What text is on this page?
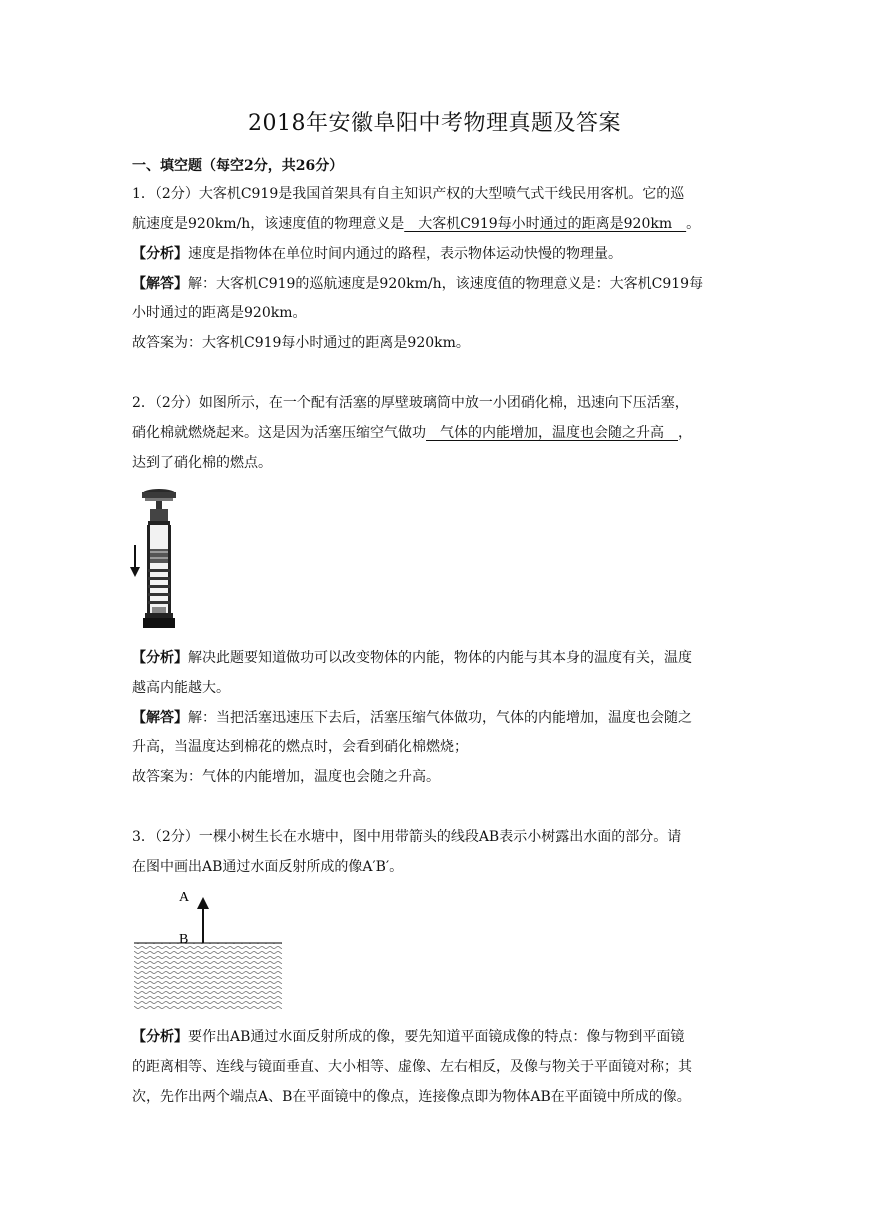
2018年安徽阜阳中考物理真题及答案
一、填空题（每空2分，共26分）
1．（2分）大客机C919是我国首架具有自主知识产权的大型喷气式干线民用客机。它的巡
航速度是920km/h，该速度值的物理意义是　大客机C919每小时通过的距离是920km　。
【分析】速度是指物体在单位时间内通过的路程，表示物体运动快慢的物理量。
【解答】解：大客机C919的巡航速度是920km/h，该速度值的物理意义是：大客机C919每
小时通过的距离是920km。
故答案为：大客机C919每小时通过的距离是920km。
2．（2分）如图所示，在一个配有活塞的厚壁玻璃筒中放一小团硝化棉，迅速向下压活塞，
硝化棉就燃烧起来。这是因为活塞压缩空气做功　气体的内能增加，温度也会随之升高　，
达到了硝化棉的燃点。
【分析】解决此题要知道做功可以改变物体的内能，物体的内能与其本身的温度有关，温度
越高内能越大。
【解答】解：当把活塞迅速压下去后，活塞压缩气体做功，气体的内能增加，温度也会随之
升高，当温度达到棉花的燃点时，会看到硝化棉燃烧；
故答案为：气体的内能增加，温度也会随之升高。
3．（2分）一棵小树生长在水塘中，图中用带箭头的线段AB表示小树露出水面的部分。请
在图中画出AB通过水面反射所成的像A′B′。
A
B
【分析】要作出AB通过水面反射所成的像，要先知道平面镜成像的特点：像与物到平面镜
的距离相等、连线与镜面垂直、大小相等、虚像、左右相反，及像与物关于平面镜对称；其
次，先作出两个端点A、B在平面镜中的像点，连接像点即为物体AB在平面镜中所成的像。
